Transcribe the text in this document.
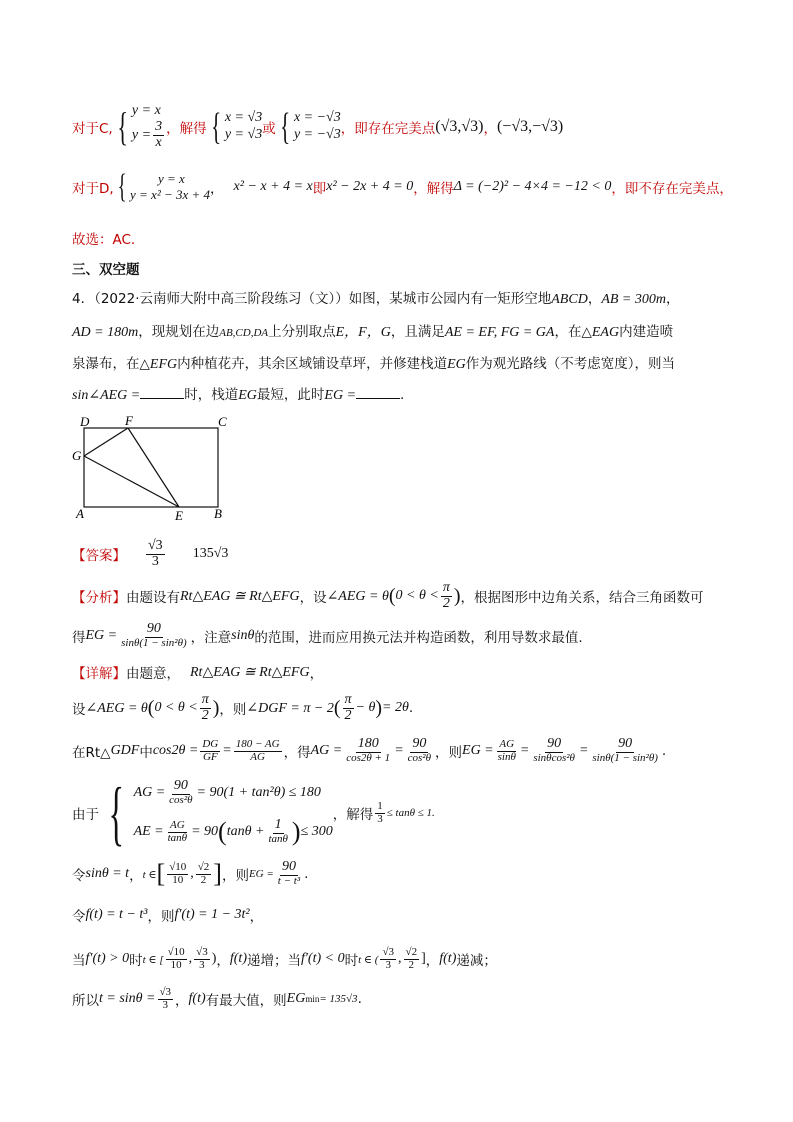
对于C, { y = x
$y = \frac{3}{x}$ ，解得 { x = √3
y = √3 或 { x = −√3
y = −√3 ，即存在完美点 (√3,√3) ， (−√3,−√3)
对于D, {	y = x
y = x² − 3x + 4 ， x² − x + 4 = x 即 x² − 2x + 4 = 0 ，解得 Δ = (−2)² − 4×4 = −12 < 0 ，即不存在完美点，
故选：AC.
三、双空题
4．（2022·云南师大附中高三阶段练习（文））如图，某城市公园内有一矩形空地ABCD，AB = 300m，
AD = 180m，现规划在边AB,CD,DA上分别取点E，F，G，且满足AE = EF, FG = GA，在△EAG内建造喷
泉瀑布，在△EFG内种植花卉，其余区域铺设草坪，并修建栈道EG作为观光路线（不考虑宽度），则当
sin∠AEG =	时，栈道EG最短，此时EG =	.
D	F	C
G
A	E B
【答案】 $\frac{√3}{3} 135√3$
【分析】 由题设有 Rt△EAG ≅ Rt△EFG ，设 ∠AEG = θ ( $0 < \theta < \frac{\pi}{2}$ ) ，根据图形中边角关系，结合三角函数可
得 EG = $\frac{90}{\text{sinθ(1 − sin²θ)}}$ ，注意 sinθ 的范围，进而应用换元法并构造函数，利用导数求最值.
【详解】 由题意， Rt△EAG ≅ Rt△EFG ，
设 ∠AEG = θ ( $0 < \theta < \frac{\pi}{2}$ ) ，则 ∠DGF = π − 2 ( $\frac{\pi}{2} - \theta$ ) = 2θ .
在Rt△ GDF 中 $\cos 2\theta = \frac{DG}{GF} = \frac{180 - AG}{AG}$ ，得 AG = $\frac{180}{\cos 2\theta + 1} = \frac{90}{\text{cos²θ}}$ ，则 EG = $\frac{AG}{\sin\theta} = \frac{90}{\text{sinθcos²θ}} = \frac{90}{\text{sinθ(1 − sin²θ)}}$ .
由于 { AG = $\frac{90}{\text{cos²θ}} = 90(1 + \tan^2\theta) \le 180$
AE = $\frac{AG}{\tan\theta} = 90$ ( $\tan\theta + \frac{1}{\tan\theta}$ ) ≤ 300
，解得 $\frac{1}{3} \le \tan\theta \le 1$.
令 sinθ = t ， t ∈ [ $\frac{√10}{10}$ , $\frac{√2}{2}$ ] ，则 EG = $\frac{90}{\text{t − t³}}$ .
令 f(t) = t − t³ ，则 f′(t) = 1 − 3t² ，
当 f′(t) > 0 时 t ∈ [ $\frac{√10}{10}$ , $\frac{√3}{3}$ ) ， f(t) 递增；当 f′(t) < 0 时 t ∈ ( $\frac{√3}{3}$ , $\frac{√2}{2}$ ] ， f(t) 递减；
所以 $t = \sin\theta = \frac{√3}{3}$ ， f(t) 有最大值，则 EG min = 135√3 .
